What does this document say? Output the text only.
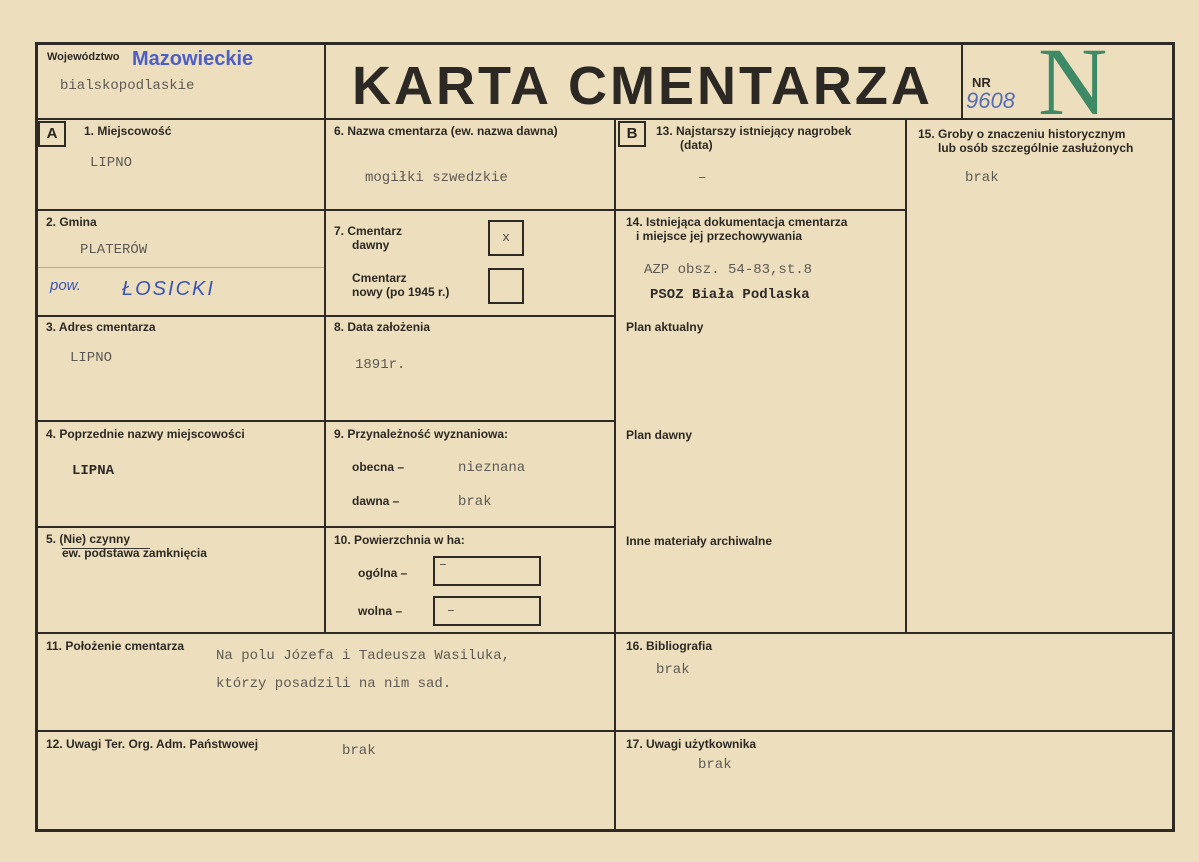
Województwo Mazowieckie
bialskopodlaskie	KARTA CMENTARZA	NR
9608 N
A	B
1. Miejscowość
LIPNO
2. Gmina
PLATERÓW
pow. ŁOSICKI
3. Adres cmentarza
LIPNO
4. Poprzednie nazwy miejscowości
LIPNA
5. (Nie) czynny
ew. podstawa zamknięcia
6. Nazwa cmentarza (ew. nazwa dawna)
mogiłki szwedzkie
7. Cmentarz
dawny	x
Cmentarz
nowy (po 1945 r.)
8. Data założenia
1891r.
9. Przynależność wyznaniowa:
obecna –	nieznana
dawna –	brak
10. Powierzchnia w ha:
ogólna –
–
wolna –	–
11. Położenie cmentarza
Na polu Józefa i Tadeusza Wasiluka,
którzy posadzili na nim sad.
12. Uwagi Ter. Org. Adm. Państwowej	brak
13. Najstarszy istniejący nagrobek
(data)
–
14. Istniejąca dokumentacja cmentarza
i miejsce jej przechowywania
AZP obsz. 54-83,st.8
PSOZ Biała Podlaska
Plan aktualny
Plan dawny
Inne materiały archiwalne
15. Groby o znaczeniu historycznym
lub osób szczególnie zasłużonych
brak
16. Bibliografia
brak
17. Uwagi użytkownika
brak
